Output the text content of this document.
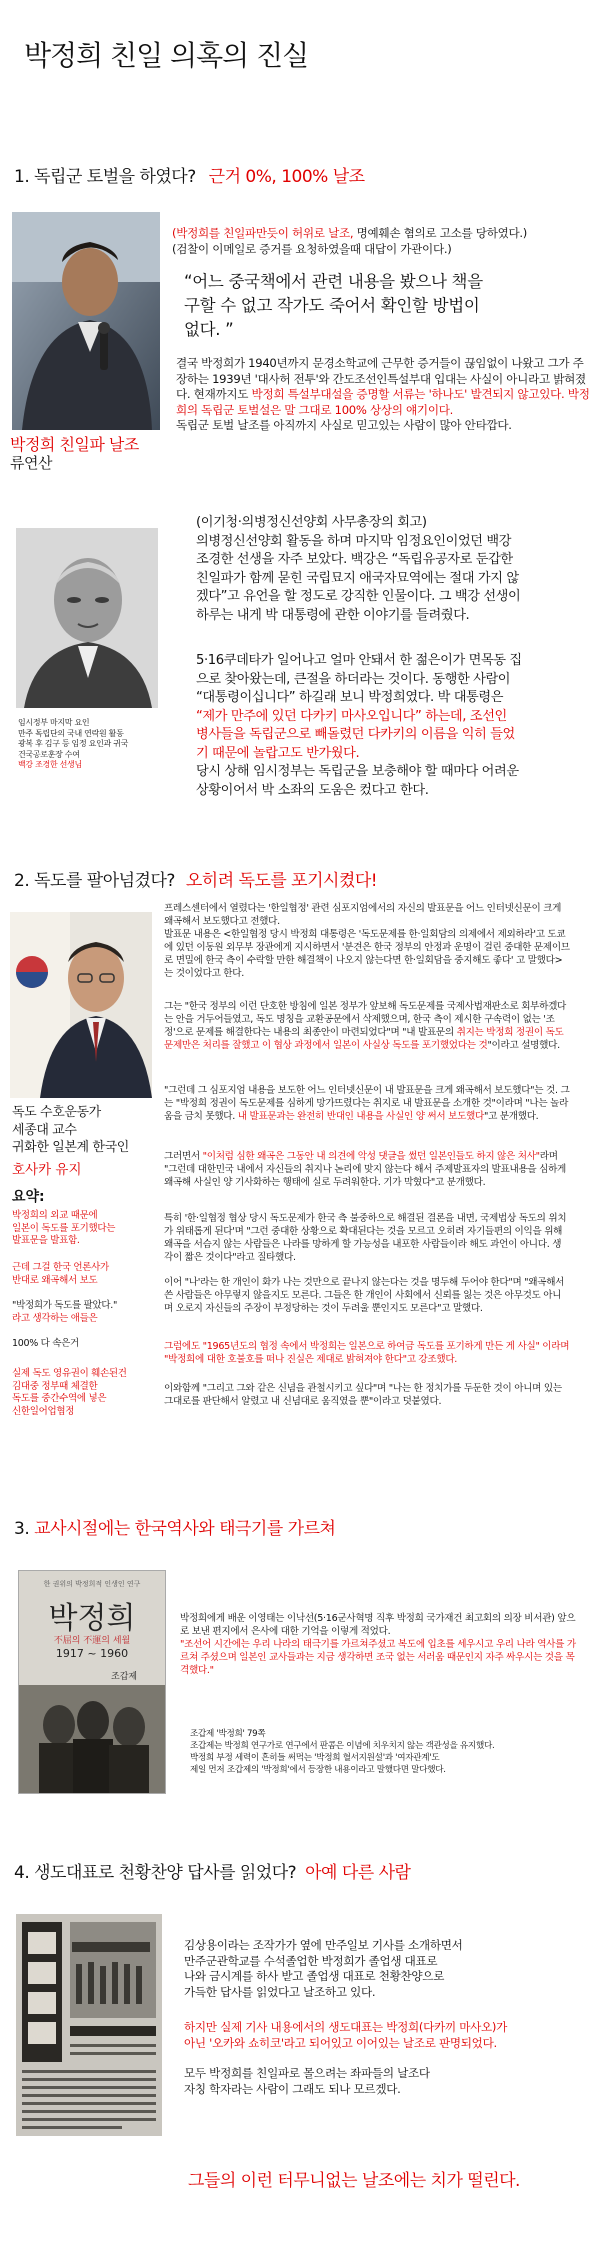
박정희 친일 의혹의 진실
1. 독립군 토벌을 하였다? 근거 0%, 100% 날조
박정희 친일파 날조
류연산
(박정희를 친일파만듯이 허위로 날조, 명예훼손 혐의로 고소를 당하였다.)
(검찰이 이메일로 증거를 요청하였을때 대답이 가관이다.)
“어느 중국책에서 관련 내용을 봤으나 책을 구할 수 없고 작가도 죽어서 확인할 방법이 없다. ”
결국 박정희가 1940년까지 문경소학교에 근무한 증거들이 끊임없이 나왔고 그가 주장하는 1939년 '대사허 전투'와 간도조선인특설부대 입대는 사실이 아니라고 밝혀졌다. 현재까지도 박정희 특설부대설을 증명할 서류는 '하나도' 발견되지 않고있다. 박정희의 독립군 토벌설은 말 그대로 100% 상상의 얘기이다.
독립군 토벌 날조를 아직까지 사실로 믿고있는 사람이 많아 안타깝다.
임시정부 마지막 요인
만주 독립단의 국내 연락원 활동
광복 후 김구 등 임정 요인과 귀국
건국공로훈장 수여
백강 조경한 선생님
(이기청·의병정신선양회 사무총장의 회고)
의병정신선양회 활동을 하며 마지막 임정요인이었던 백강 조경한 선생을 자주 보았다. 백강은 “독립유공자로 둔갑한 친일파가 함께 묻힌 국립묘지 애국자묘역에는 절대 가지 않겠다”고 유언을 할 정도로 강직한 인물이다. 그 백강 선생이 하루는 내게 박 대통령에 관한 이야기를 들려줬다.
5·16쿠데타가 일어나고 얼마 안돼서 한 젊은이가 면목동 집으로 찾아왔는데, 큰절을 하더라는 것이다. 동행한 사람이 “대통령이십니다” 하길래 보니 박정희였다. 박 대통령은 “제가 만주에 있던 다카키 마사오입니다” 하는데, 조선인 병사들을 독립군으로 빼돌렸던 다카키의 이름을 익히 들었기 때문에 놀랍고도 반가웠다.
당시 상해 임시정부는 독립군을 보충해야 할 때마다 어려운 상황이어서 박 소좌의 도움은 컸다고 한다.
2. 독도를 팔아넘겼다? 오히려 독도를 포기시켰다!
독도 수호운동가
세종대 교수
귀화한 일본계 한국인
호사카 유지
요약:
박정희의 외교 때문에
일본이 독도를 포기했다는
발표문을 발표함.
근데 그걸 한국 언론사가
반대로 왜곡해서 보도
"박정희가 독도를 팔았다."
라고 생각하는 애들은
100% 다 속은거
실제 독도 영유권이 훼손된건
김대중 정부때 체결한
독도를 중간수역에 넣은
신한일어업협정
프레스센터에서 열렸다는 '한일협정' 관련 심포지엄에서의 자신의 발표문을 어느 인터넷신문이 크게 왜곡해서 보도했다고 전했다.
발표문 내용은 <한일협정 당시 박정희 대통령은 '독도문제를 한·일회담의 의제에서 제외하라'고 도쿄에 있던 이동원 외무부 장관에게 지시하면서 '분견은 한국 정부의 안정과 운명이 걸린 중대한 문제이므로 면밀에 한국 측이 수락할 만한 해결책이 나오지 않는다면 한·일회담을 중지해도 좋다' 고 말했다> 는 것이었다고 한다.
그는 "한국 정부의 이런 단호한 방침에 일본 정부가 앞보해 독도문제를 국제사법재판소로 회부하겠다는 안을 거두어들였고, 독도 명칭을 교환공문에서 삭제했으며, 한국 측이 제시한 구속력이 없는 '조정'으로 문제를 해결한다는 내용의 최종안이 마련되었다"며 "내 발표문의 취지는 박정희 정권이 독도문제만은 처리를 잘했고 이 협상 과정에서 일본이 사실상 독도를 포기했었다는 것"이라고 설명했다.
"그런데 그 심포지엄 내용을 보도한 어느 인터넷신문이 내 발표문을 크게 왜곡해서 보도했다"는 것. 그는 "박정희 정권이 독도문제를 심하게 망가뜨렸다는 취지로 내 발표문을 소개한 것"이라며 "나는 놀라움을 금치 못했다. 내 발표문과는 완전히 반대인 내용을 사실인 양 써서 보도했다"고 분개했다.
그러면서 "이처럼 심한 왜곡은 그동안 내 의견에 악성 댓글을 썼던 일본인들도 하지 않은 처사"라며 "그런데 대한민국 내에서 자신들의 취지나 논리에 맞지 않는다 해서 주제발표자의 발표내용을 심하게 왜곡해 사실인 양 기사화하는 행태에 실로 두려워한다. 기가 막혔다"고 분개했다.
특히 '한·일협정 협상 당시 독도문제가 한국 측 불중하으로 해결된 결론을 내면, 국제법상 독도의 위치가 위태롭게 된다'며 "그런 중대한 상황으로 확대된다는 것을 모르고 오히려 자기들편의 이익을 위해 왜곡을 서슴지 않는 사람들은 나라를 망하게 할 가능성을 내포한 사람들이라 해도 과언이 아니다. 생각이 짧은 것이다"라고 질타했다.
이어 "나'라는 한 개인이 화가 나는 것만으로 끝나지 않는다는 것을 명두해 두어야 한다"며 "왜곡해서 쓴 사람들은 아무렇지 않을지도 모른다. 그들은 한 개인이 사회에서 신뢰를 잃는 것은 아무것도 아니며 오로지 자신들의 주장이 부정당하는 것이 두려울 뿐인지도 모른다"고 말했다.
그럼에도 "1965년도의 협정 속에서 박정희는 일본으로 하여금 독도를 포기하게 만든 게 사실" 이라며 "박정희에 대한 호불호를 떠나 진실은 제대로 밝혀져야 한다"고 강조했다.
이와함께 "그리고 그와 같은 신념을 관철시키고 싶다"며 "나는 한 정치가를 두둔한 것이 아니며 있는 그대로를 판단해서 알렸고 내 신념대로 움직였을 뿐"이라고 덧붙였다.
3. 교사시절에는 한국역사와 태극기를 가르쳐
한 권위의 박정희적 인생인 연구
박정희
不屈의 不運의 세월
1917 ~ 1960
조갑제
박정희에게 배운 이영태는 이낙선(5·16군사혁명 직후 박정희 국가재건 최고회의 의장 비서관) 앞으로 보낸 편지에서 은사에 대한 기억을 이렇게 적었다.
"조선어 시간에는 우리 나라의 태극기를 가르쳐주셨고 복도에 입초를 세우시고 우리 나라 역사를 가르쳐 주셨으며 일본인 교사들과는 지금 생각하면 조국 없는 서러움 때문인지 자주 싸우시는 것을 목격했다."
조갑제 '박정희' 79쪽
조갑제는 박정희 연구가로 연구에서 판콤은 이념에 치우치지 않는 객관성을 유지했다.
박정희 부정 세력이 흔히들 써먹는 '박정희 혈서지원설'과 '여자관계'도
제일 먼저 조갑제의 '박정희'에서 등장한 내용이라고 말했다면 말다했다.
4. 생도대표로 천황찬양 답사를 읽었다? 아예 다른 사람
김상용이라는 조작가가 옆에 만주일보 기사를 소개하면서
만주군관학교를 수석졸업한 박정희가 졸업생 대표로
나와 금시계를 하사 받고 졸업생 대표로 천황찬양으로
가득한 답사를 읽었다고 날조하고 있다.
하지만 실제 기사 내용에서의 생도대표는 박정희(다카끼 마사오)가
아닌 '오카와 쇼히코'라고 되어있고 이어있는 날조로 판명되었다.
모두 박정희를 친일파로 몰으려는 좌파들의 날조다
자칭 학자라는 사람이 그래도 되나 모르겠다.
그들의 이런 터무니없는 날조에는 치가 떨린다.
